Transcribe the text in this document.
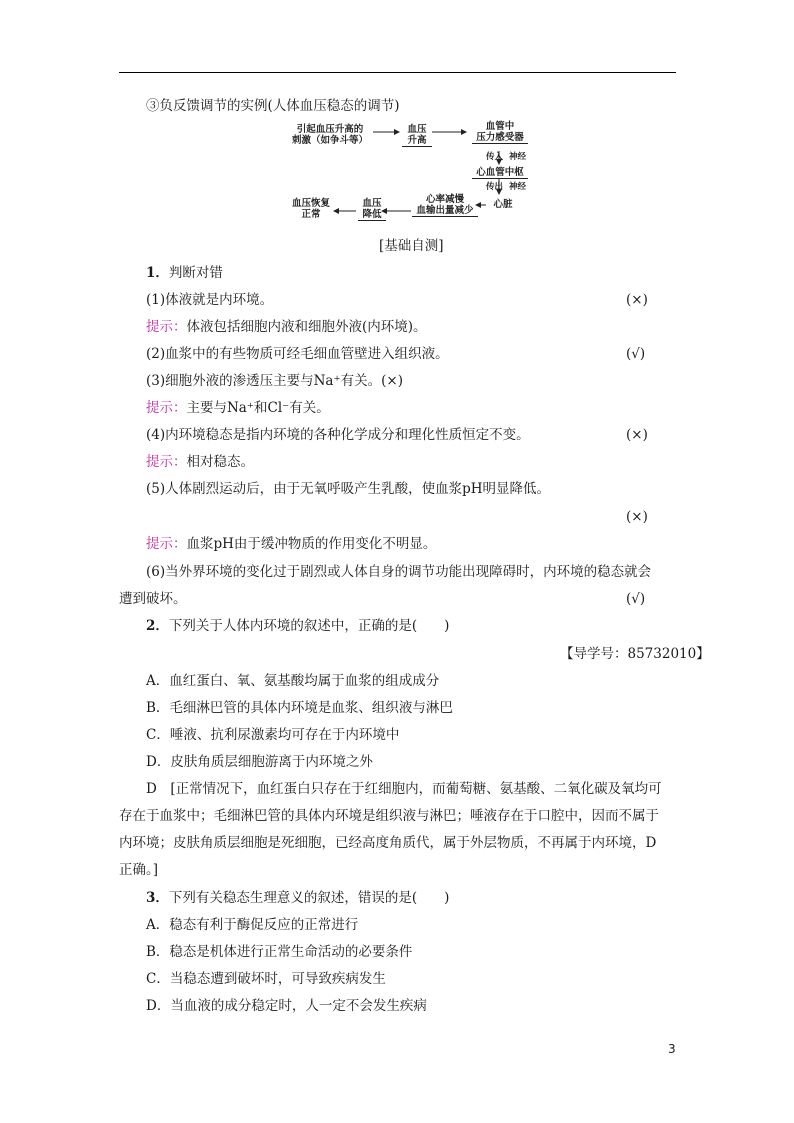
③负反馈调节的实例(人体血压稳态的调节)
引起血压升高的
刺激（如争斗等）
血压
升高
血管中
压力感受器
传入 神经
心血管中枢
传出 神经
心脏
心率减慢
血输出量减少
血压
降低
血压恢复
正常
[基础自测]
1．判断对错
(1)体液就是内环境。	(×)
提示：体液包括细胞内液和细胞外液(内环境)。
(2)血浆中的有些物质可经毛细血管壁进入组织液。	(√)
(3)细胞外液的渗透压主要与Na⁺有关。(×)
提示：主要与Na⁺和Cl⁻有关。
(4)内环境稳态是指内环境的各种化学成分和理化性质恒定不变。	(×)
提示：相对稳态。
(5)人体剧烈运动后，由于无氧呼吸产生乳酸，使血浆pH明显降低。
(×)
提示：血浆pH由于缓冲物质的作用变化不明显。
(6)当外界环境的变化过于剧烈或人体自身的调节功能出现障碍时，内环境的稳态就会
遭到破坏。	(√)
2．下列关于人体内环境的叙述中，正确的是(　　)
【导学号：85732010】
A．血红蛋白、氧、氨基酸均属于血浆的组成成分
B．毛细淋巴管的具体内环境是血浆、组织液与淋巴
C．唾液、抗利尿激素均可存在于内环境中
D．皮肤角质层细胞游离于内环境之外
D　[正常情况下，血红蛋白只存在于红细胞内，而葡萄糖、氨基酸、二氧化碳及氧均可
存在于血浆中；毛细淋巴管的具体内环境是组织液与淋巴；唾液存在于口腔中，因而不属于
内环境；皮肤角质层细胞是死细胞，已经高度角质代，属于外层物质，不再属于内环境，D
正确。]
3．下列有关稳态生理意义的叙述，错误的是(　　)
A．稳态有利于酶促反应的正常进行
B．稳态是机体进行正常生命活动的必要条件
C．当稳态遭到破坏时，可导致疾病发生
D．当血液的成分稳定时，人一定不会发生疾病
3
